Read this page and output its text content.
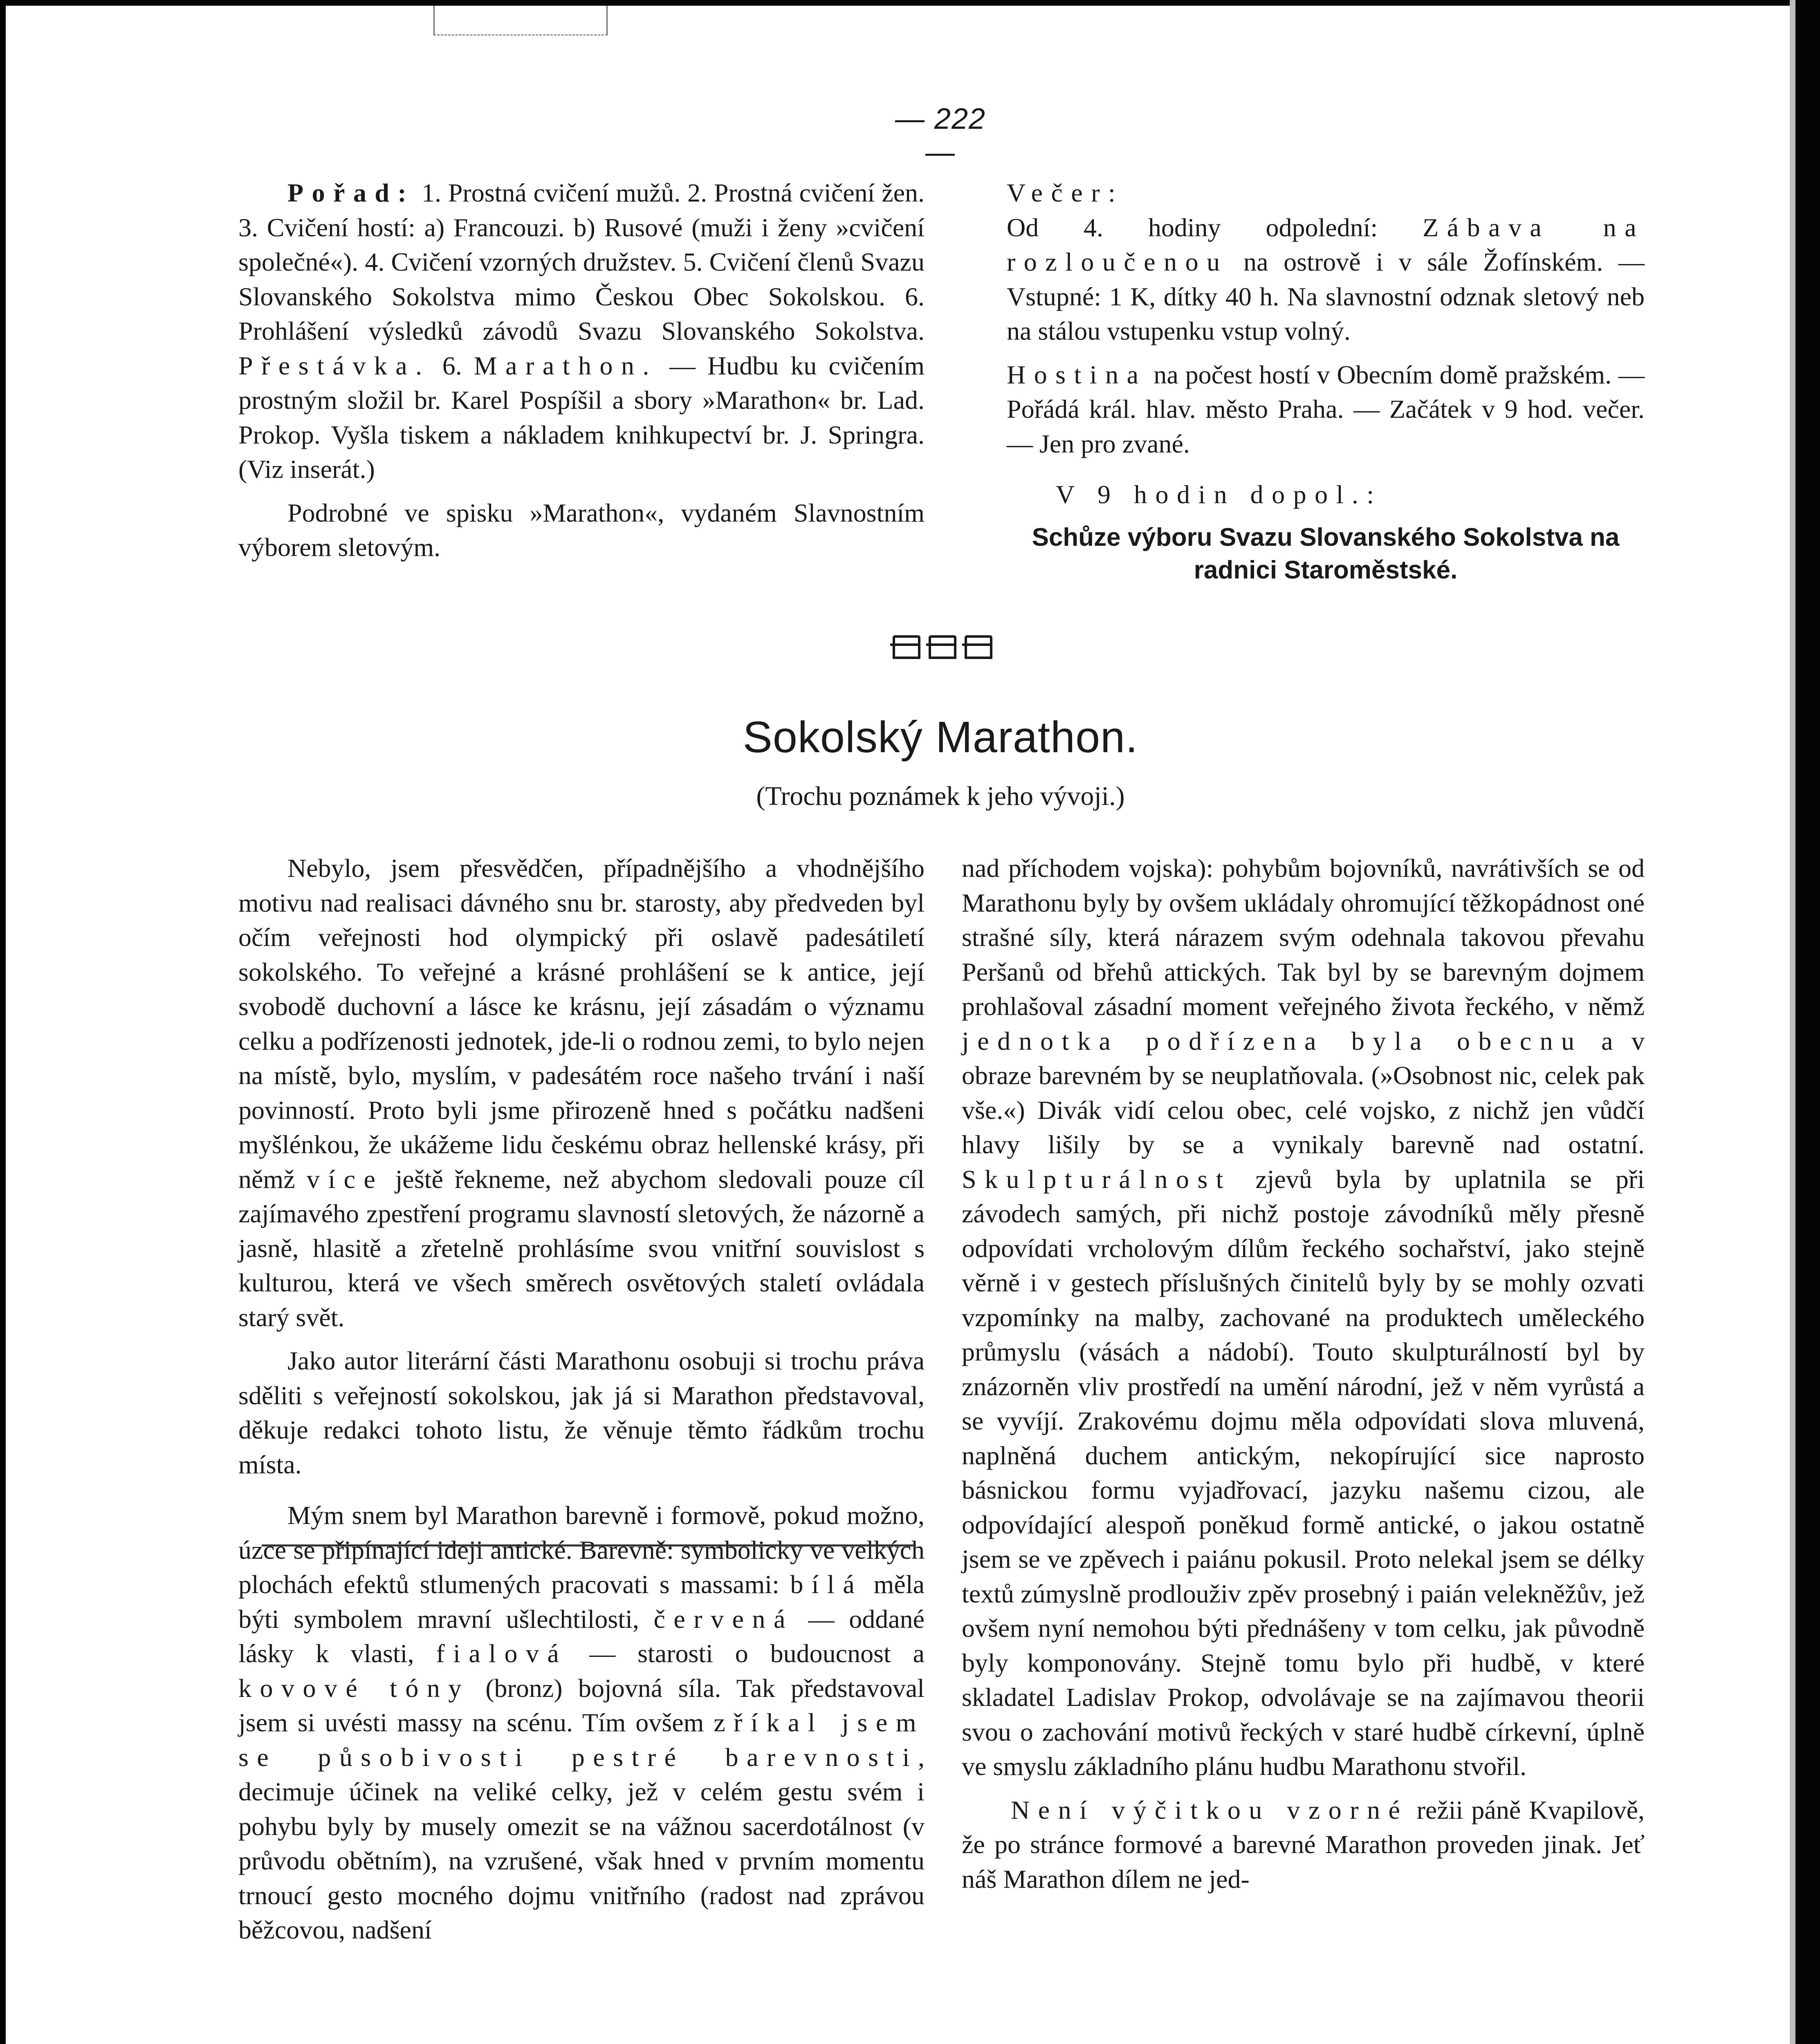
— 222 —

Pořad: 1. Prostná cvičení mužů. 2. Prostná cvičení žen. 3. Cvičení hostí: a) Francouzi. b) Rusové (muži i ženy »cvičení společné«). 4. Cvičení vzorných družstev. 5. Cvičení členů Svazu Slovanského Sokolstva mimo Českou Obec Sokolskou. 6. Prohlášení výsledků závodů Svazu Slovanského Sokolstva. Přestávka. 6. Marathon. — Hudbu ku cvičením prostným složil br. Karel Pospíšil a sbory »Marathon« br. Lad. Prokop. Vyšla tiskem a nákladem knihkupectví br. J. Springra. (Viz inserát.)

Podrobné ve spisku »Marathon«, vydaném Slavnostním výborem sletovým.

Večer:

Od 4. hodiny odpolední: Zábava na rozloučenou na ostrově i v sále Žofínském. — Vstupné: 1 K, dítky 40 h. Na slavnostní odznak sletový neb na stálou vstupenku vstup volný.

Hostina na počest hostí v Obecním domě pražském. — Pořádá král. hlav. město Praha. — Začátek v 9 hod. večer. — Jen pro zvané.

V 9 hodin dopol.:

Schůze výboru Svazu Slovanského Sokolstva na radnici Staroměstské.

Sokolský Marathon.
(Trochu poznámek k jeho vývoji.)

Nebylo, jsem přesvědčen, případnějšího a vhodnějšího motivu nad realisaci dávného snu br. starosty, aby předveden byl očím veřejnosti hod olympický při oslavě padesátiletí sokolského. To veřejné a krásné prohlášení se k antice, její svobodě duchovní a lásce ke krásnu, její zásadám o významu celku a podřízenosti jednotek, jde-li o rodnou zemi, to bylo nejen na místě, bylo, myslím, v padesátém roce našeho trvání i naší povinností. Proto byli jsme přirozeně hned s počátku nadšeni myšlénkou, že ukážeme lidu českému obraz hellenské krásy, při němž více ještě řekneme, než abychom sledovali pouze cíl zajímavého zpestření programu slavností sletových, že názorně a jasně, hlasitě a zřetelně prohlásíme svou vnitřní souvislost s kulturou, která ve všech směrech osvětových staletí ovládala starý svět.

Jako autor literární části Marathonu osobuji si trochu práva sděliti s veřejností sokolskou, jak já si Marathon představoval, děkuje redakci tohoto listu, že věnuje těmto řádkům trochu místa.

Mým snem byl Marathon barevně i formově, pokud možno, úzce se připínající ideji antické. Barevně: symbolicky ve velkých plochách efektů stlumených pracovati s massami: bílá měla býti symbolem mravní ušlechtilosti, červená — oddané lásky k vlasti, fialová — starosti o budoucnost a kovové tóny (bronz) bojovná síla. Tak představoval jsem si uvésti massy na scénu. Tím ovšem zříkal jsem se působivosti pestré barevnosti, decimuje účinek na veliké celky, jež v celém gestu svém i pohybu byly by musely omezit se na vážnou sacerdotálnost (v průvodu obětním), na vzrušené, však hned v prvním momentu trnoucí gesto mocného dojmu vnitřního (radost nad zprávou běžcovou, nadšení

nad příchodem vojska): pohybům bojovníků, navrátivších se od Marathonu byly by ovšem ukládaly ohromující těžkopádnost oné strašné síly, která nárazem svým odehnala takovou převahu Peršanů od břehů attických. Tak byl by se barevným dojmem prohlašoval zásadní moment veřejného života řeckého, v němž jednotka podřízena byla obecnu a v obraze barevném by se neuplatňovala. (»Osobnost nic, celek pak vše.«) Divák vidí celou obec, celé vojsko, z nichž jen vůdčí hlavy lišily by se a vynikaly barevně nad ostatní. Skulpturálnost zjevů byla by uplatnila se při závodech samých, při nichž postoje závodníků měly přesně odpovídati vrcholovým dílům řeckého sochařství, jako stejně věrně i v gestech příslušných činitelů byly by se mohly ozvati vzpomínky na malby, zachované na produktech uměleckého průmyslu (vásách a nádobí). Touto skulpturálností byl by znázorněn vliv prostředí na umění národní, jež v něm vyrůstá a se vyvíjí. Zrakovému dojmu měla odpovídati slova mluvená, naplněná duchem antickým, nekopírující sice naprosto básnickou formu vyjadřovací, jazyku našemu cizou, ale odpovídající alespoň poněkud formě antické, o jakou ostatně jsem se ve zpěvech i paiánu pokusil. Proto nelekal jsem se délky textů zúmyslně prodlouživ zpěv prosebný i paián velekněžův, jež ovšem nyní nemohou býti přednášeny v tom celku, jak původně byly komponovány. Stejně tomu bylo při hudbě, v které skladatel Ladislav Prokop, odvolávaje se na zajímavou theorii svou o zachování motivů řeckých v staré hudbě církevní, úplně ve smyslu základního plánu hudbu Marathonu stvořil.

Není výčitkou vzorné režii páně Kvapilově, že po stránce formové a barevné Marathon proveden jinak. Jeť náš Marathon dílem ne jed-
